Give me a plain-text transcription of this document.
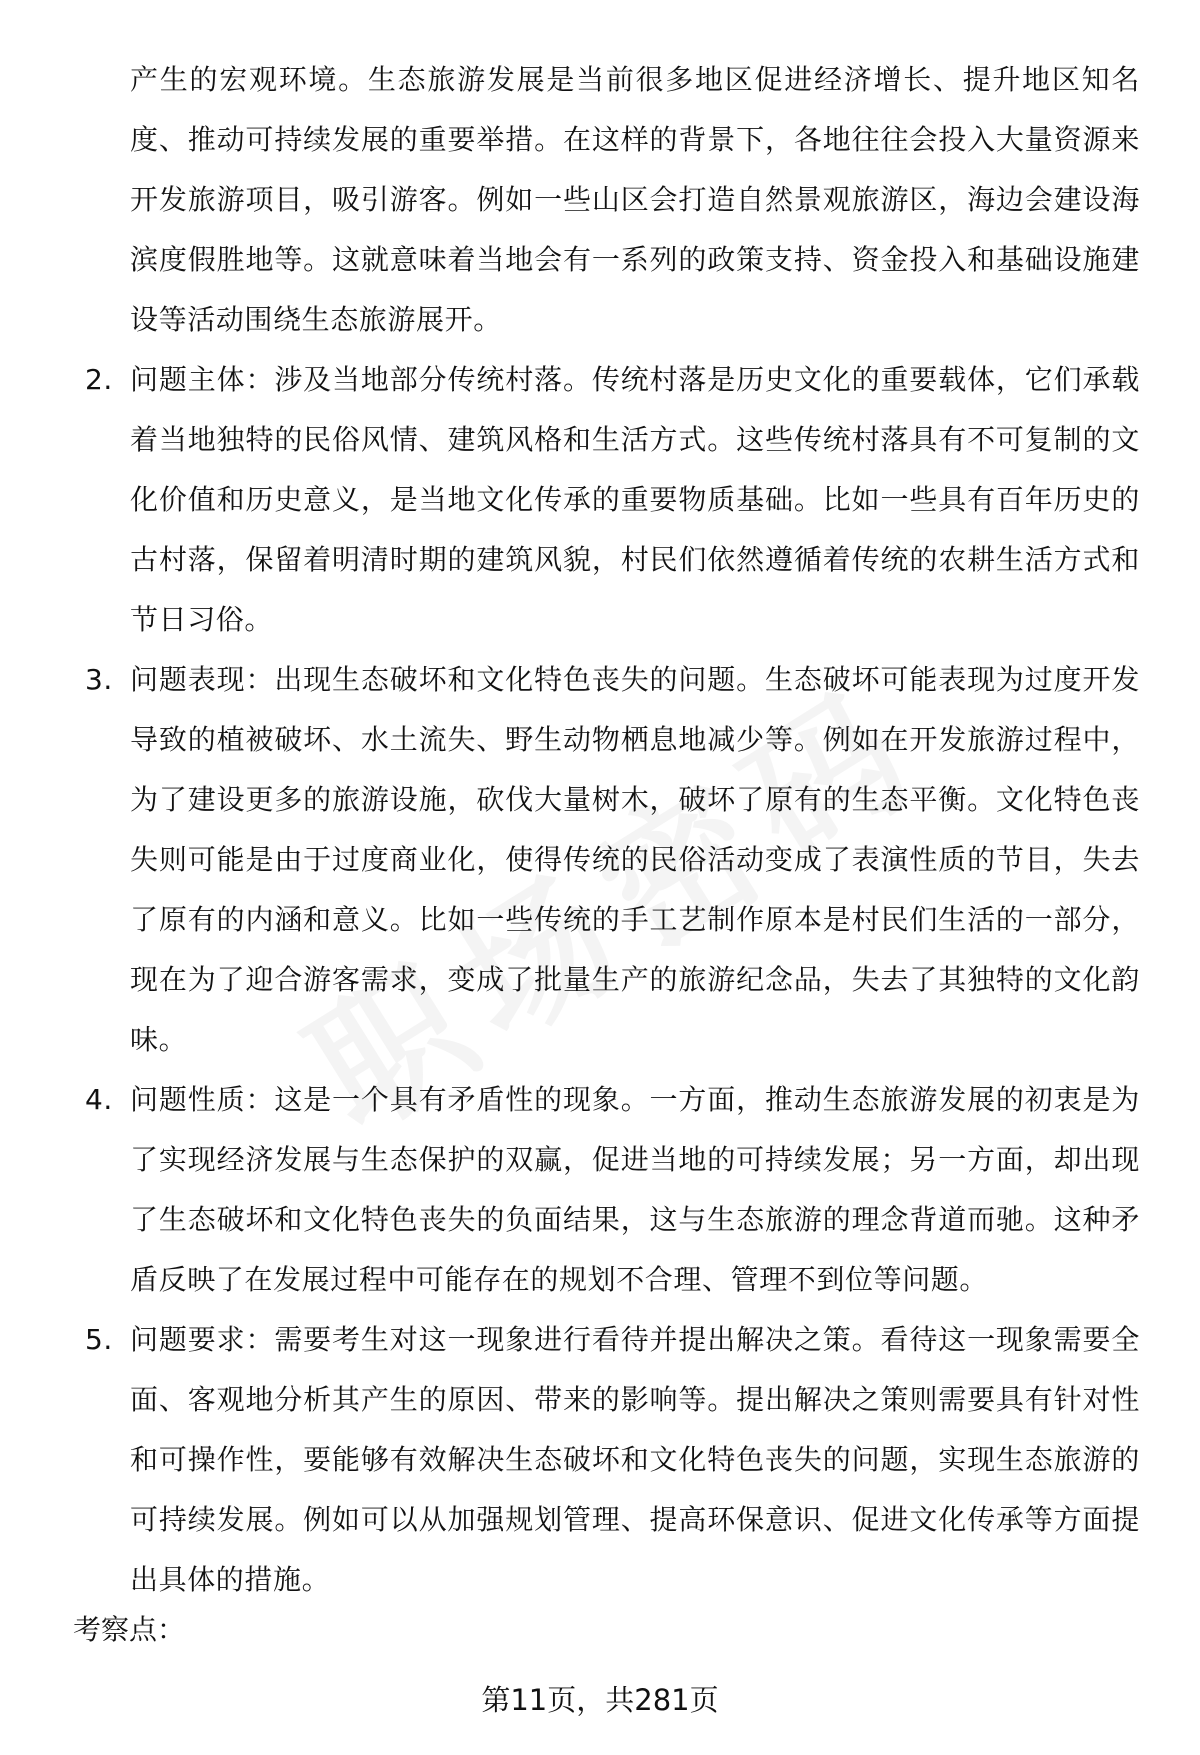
产生的宏观环境。生态旅游发展是当前很多地区促进经济增长、提升地区知名度、推动可持续发展的重要举措。在这样的背景下，各地往往会投入大量资源来开发旅游项目，吸引游客。例如一些山区会打造自然景观旅游区，海边会建设海滨度假胜地等。这就意味着当地会有一系列的政策支持、资金投入和基础设施建设等活动围绕生态旅游展开。

2. 问题主体：涉及当地部分传统村落。传统村落是历史文化的重要载体，它们承载着当地独特的民俗风情、建筑风格和生活方式。这些传统村落具有不可复制的文化价值和历史意义，是当地文化传承的重要物质基础。比如一些具有百年历史的古村落，保留着明清时期的建筑风貌，村民们依然遵循着传统的农耕生活方式和节日习俗。
3. 问题表现：出现生态破坏和文化特色丧失的问题。生态破坏可能表现为过度开发导致的植被破坏、水土流失、野生动物栖息地减少等。例如在开发旅游过程中，为了建设更多的旅游设施，砍伐大量树木，破坏了原有的生态平衡。文化特色丧失则可能是由于过度商业化，使得传统的民俗活动变成了表演性质的节目，失去了原有的内涵和意义。比如一些传统的手工艺制作原本是村民们生活的一部分，现在为了迎合游客需求，变成了批量生产的旅游纪念品，失去了其独特的文化韵味。
4. 问题性质：这是一个具有矛盾性的现象。一方面，推动生态旅游发展的初衷是为了实现经济发展与生态保护的双赢，促进当地的可持续发展；另一方面，却出现了生态破坏和文化特色丧失的负面结果，这与生态旅游的理念背道而驰。这种矛盾反映了在发展过程中可能存在的规划不合理、管理不到位等问题。
5. 问题要求：需要考生对这一现象进行看待并提出解决之策。看待这一现象需要全面、客观地分析其产生的原因、带来的影响等。提出解决之策则需要具有针对性和可操作性，要能够有效解决生态破坏和文化特色丧失的问题，实现生态旅游的可持续发展。例如可以从加强规划管理、提高环保意识、促进文化传承等方面提出具体的措施。
考察点：
第11页，共281页
